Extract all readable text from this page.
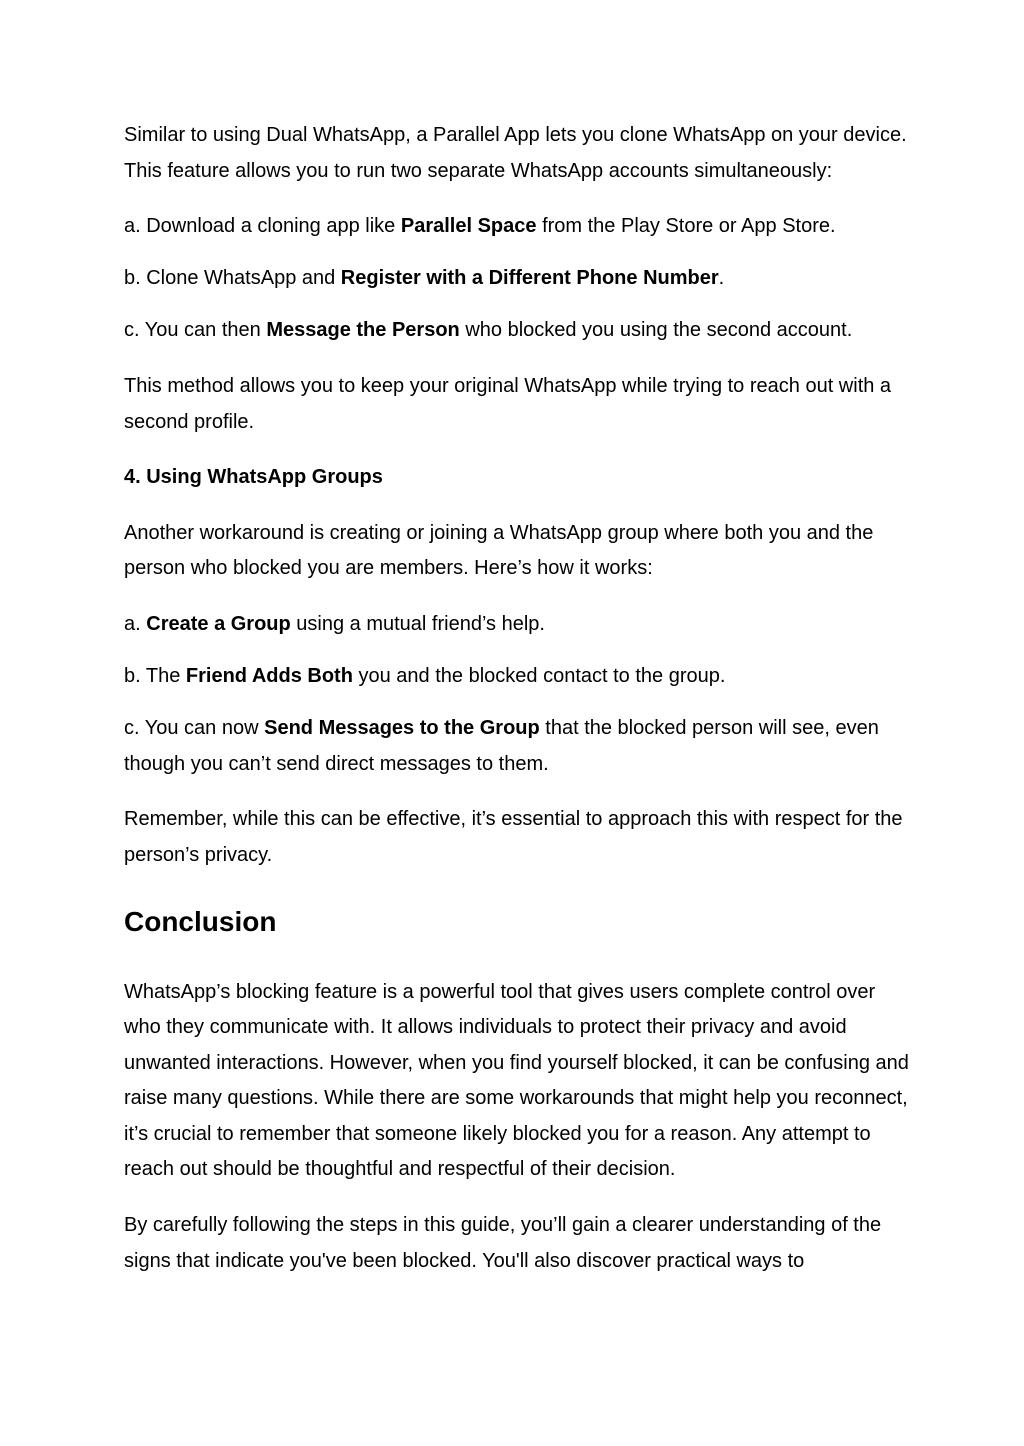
Similar to using Dual WhatsApp, a Parallel App lets you clone WhatsApp on your device. This feature allows you to run two separate WhatsApp accounts simultaneously:

a. Download a cloning app like Parallel Space from the Play Store or App Store.

b. Clone WhatsApp and Register with a Different Phone Number.

c. You can then Message the Person who blocked you using the second account.

This method allows you to keep your original WhatsApp while trying to reach out with a second profile.

4. Using WhatsApp Groups

Another workaround is creating or joining a WhatsApp group where both you and the person who blocked you are members. Here’s how it works:

a. Create a Group using a mutual friend’s help.

b. The Friend Adds Both you and the blocked contact to the group.

c. You can now Send Messages to the Group that the blocked person will see, even though you can’t send direct messages to them.

Remember, while this can be effective, it’s essential to approach this with respect for the person’s privacy.

Conclusion

WhatsApp’s blocking feature is a powerful tool that gives users complete control over who they communicate with. It allows individuals to protect their privacy and avoid unwanted interactions. However, when you find yourself blocked, it can be confusing and raise many questions. While there are some workarounds that might help you reconnect, it’s crucial to remember that someone likely blocked you for a reason. Any attempt to reach out should be thoughtful and respectful of their decision.

By carefully following the steps in this guide, you’ll gain a clearer understanding of the signs that indicate you've been blocked. You'll also discover practical ways to
